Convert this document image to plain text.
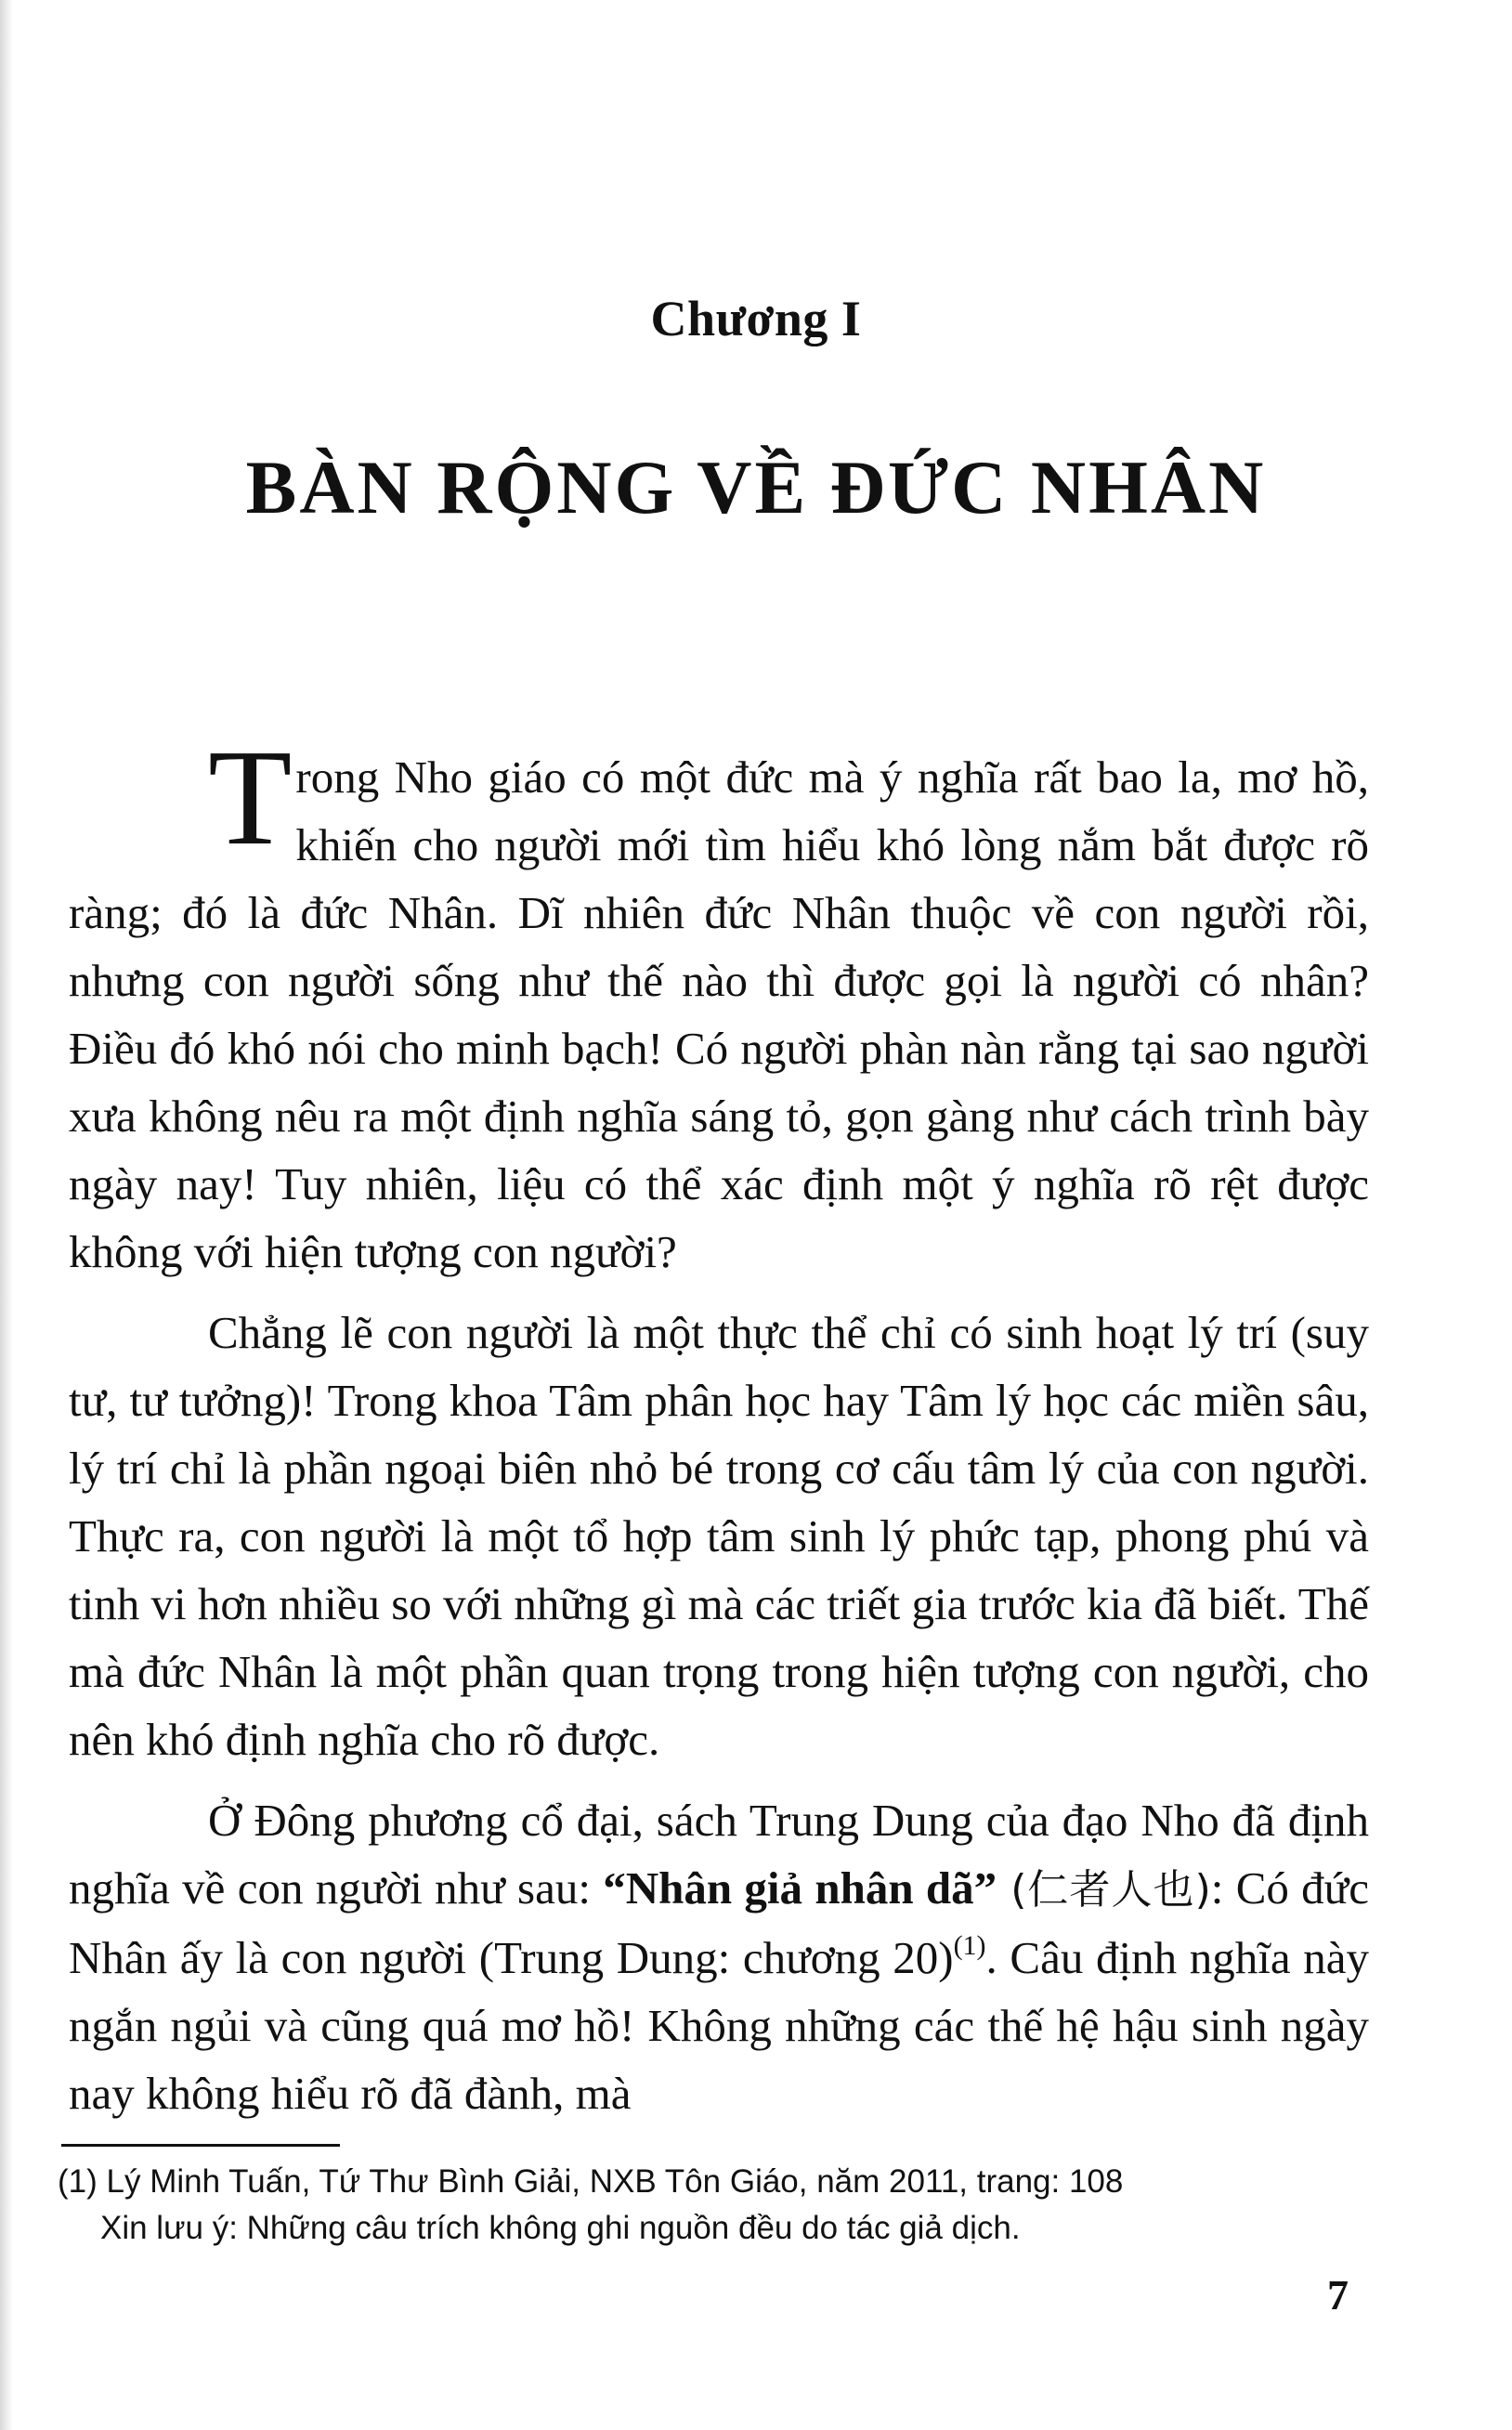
Chương I
BÀN RỘNG VỀ ĐỨC NHÂN

Trong Nho giáo có một đức mà ý nghĩa rất bao la, mơ hồ, khiến cho người mới tìm hiểu khó lòng nắm bắt được rõ ràng; đó là đức Nhân. Dĩ nhiên đức Nhân thuộc về con người rồi, nhưng con người sống như thế nào thì được gọi là người có nhân? Điều đó khó nói cho minh bạch! Có người phàn nàn rằng tại sao người xưa không nêu ra một định nghĩa sáng tỏ, gọn gàng như cách trình bày ngày nay! Tuy nhiên, liệu có thể xác định một ý nghĩa rõ rệt được không với hiện tượng con người?

Chẳng lẽ con người là một thực thể chỉ có sinh hoạt lý trí (suy tư, tư tưởng)! Trong khoa Tâm phân học hay Tâm lý học các miền sâu, lý trí chỉ là phần ngoại biên nhỏ bé trong cơ cấu tâm lý của con người. Thực ra, con người là một tổ hợp tâm sinh lý phức tạp, phong phú và tinh vi hơn nhiều so với những gì mà các triết gia trước kia đã biết. Thế mà đức Nhân là một phần quan trọng trong hiện tượng con người, cho nên khó định nghĩa cho rõ được.

Ở Đông phương cổ đại, sách Trung Dung của đạo Nho đã định nghĩa về con người như sau: “Nhân giả nhân dã” (仁者人也): Có đức Nhân ấy là con người (Trung Dung: chương 20)$^{(1)}$. Câu định nghĩa này ngắn ngủi và cũng quá mơ hồ! Không những các thế hệ hậu sinh ngày nay không hiểu rõ đã đành, mà

(1) Lý Minh Tuấn, Tứ Thư Bình Giải, NXB Tôn Giáo, năm 2011, trang: 108
Xin lưu ý: Những câu trích không ghi nguồn đều do tác giả dịch.
7
